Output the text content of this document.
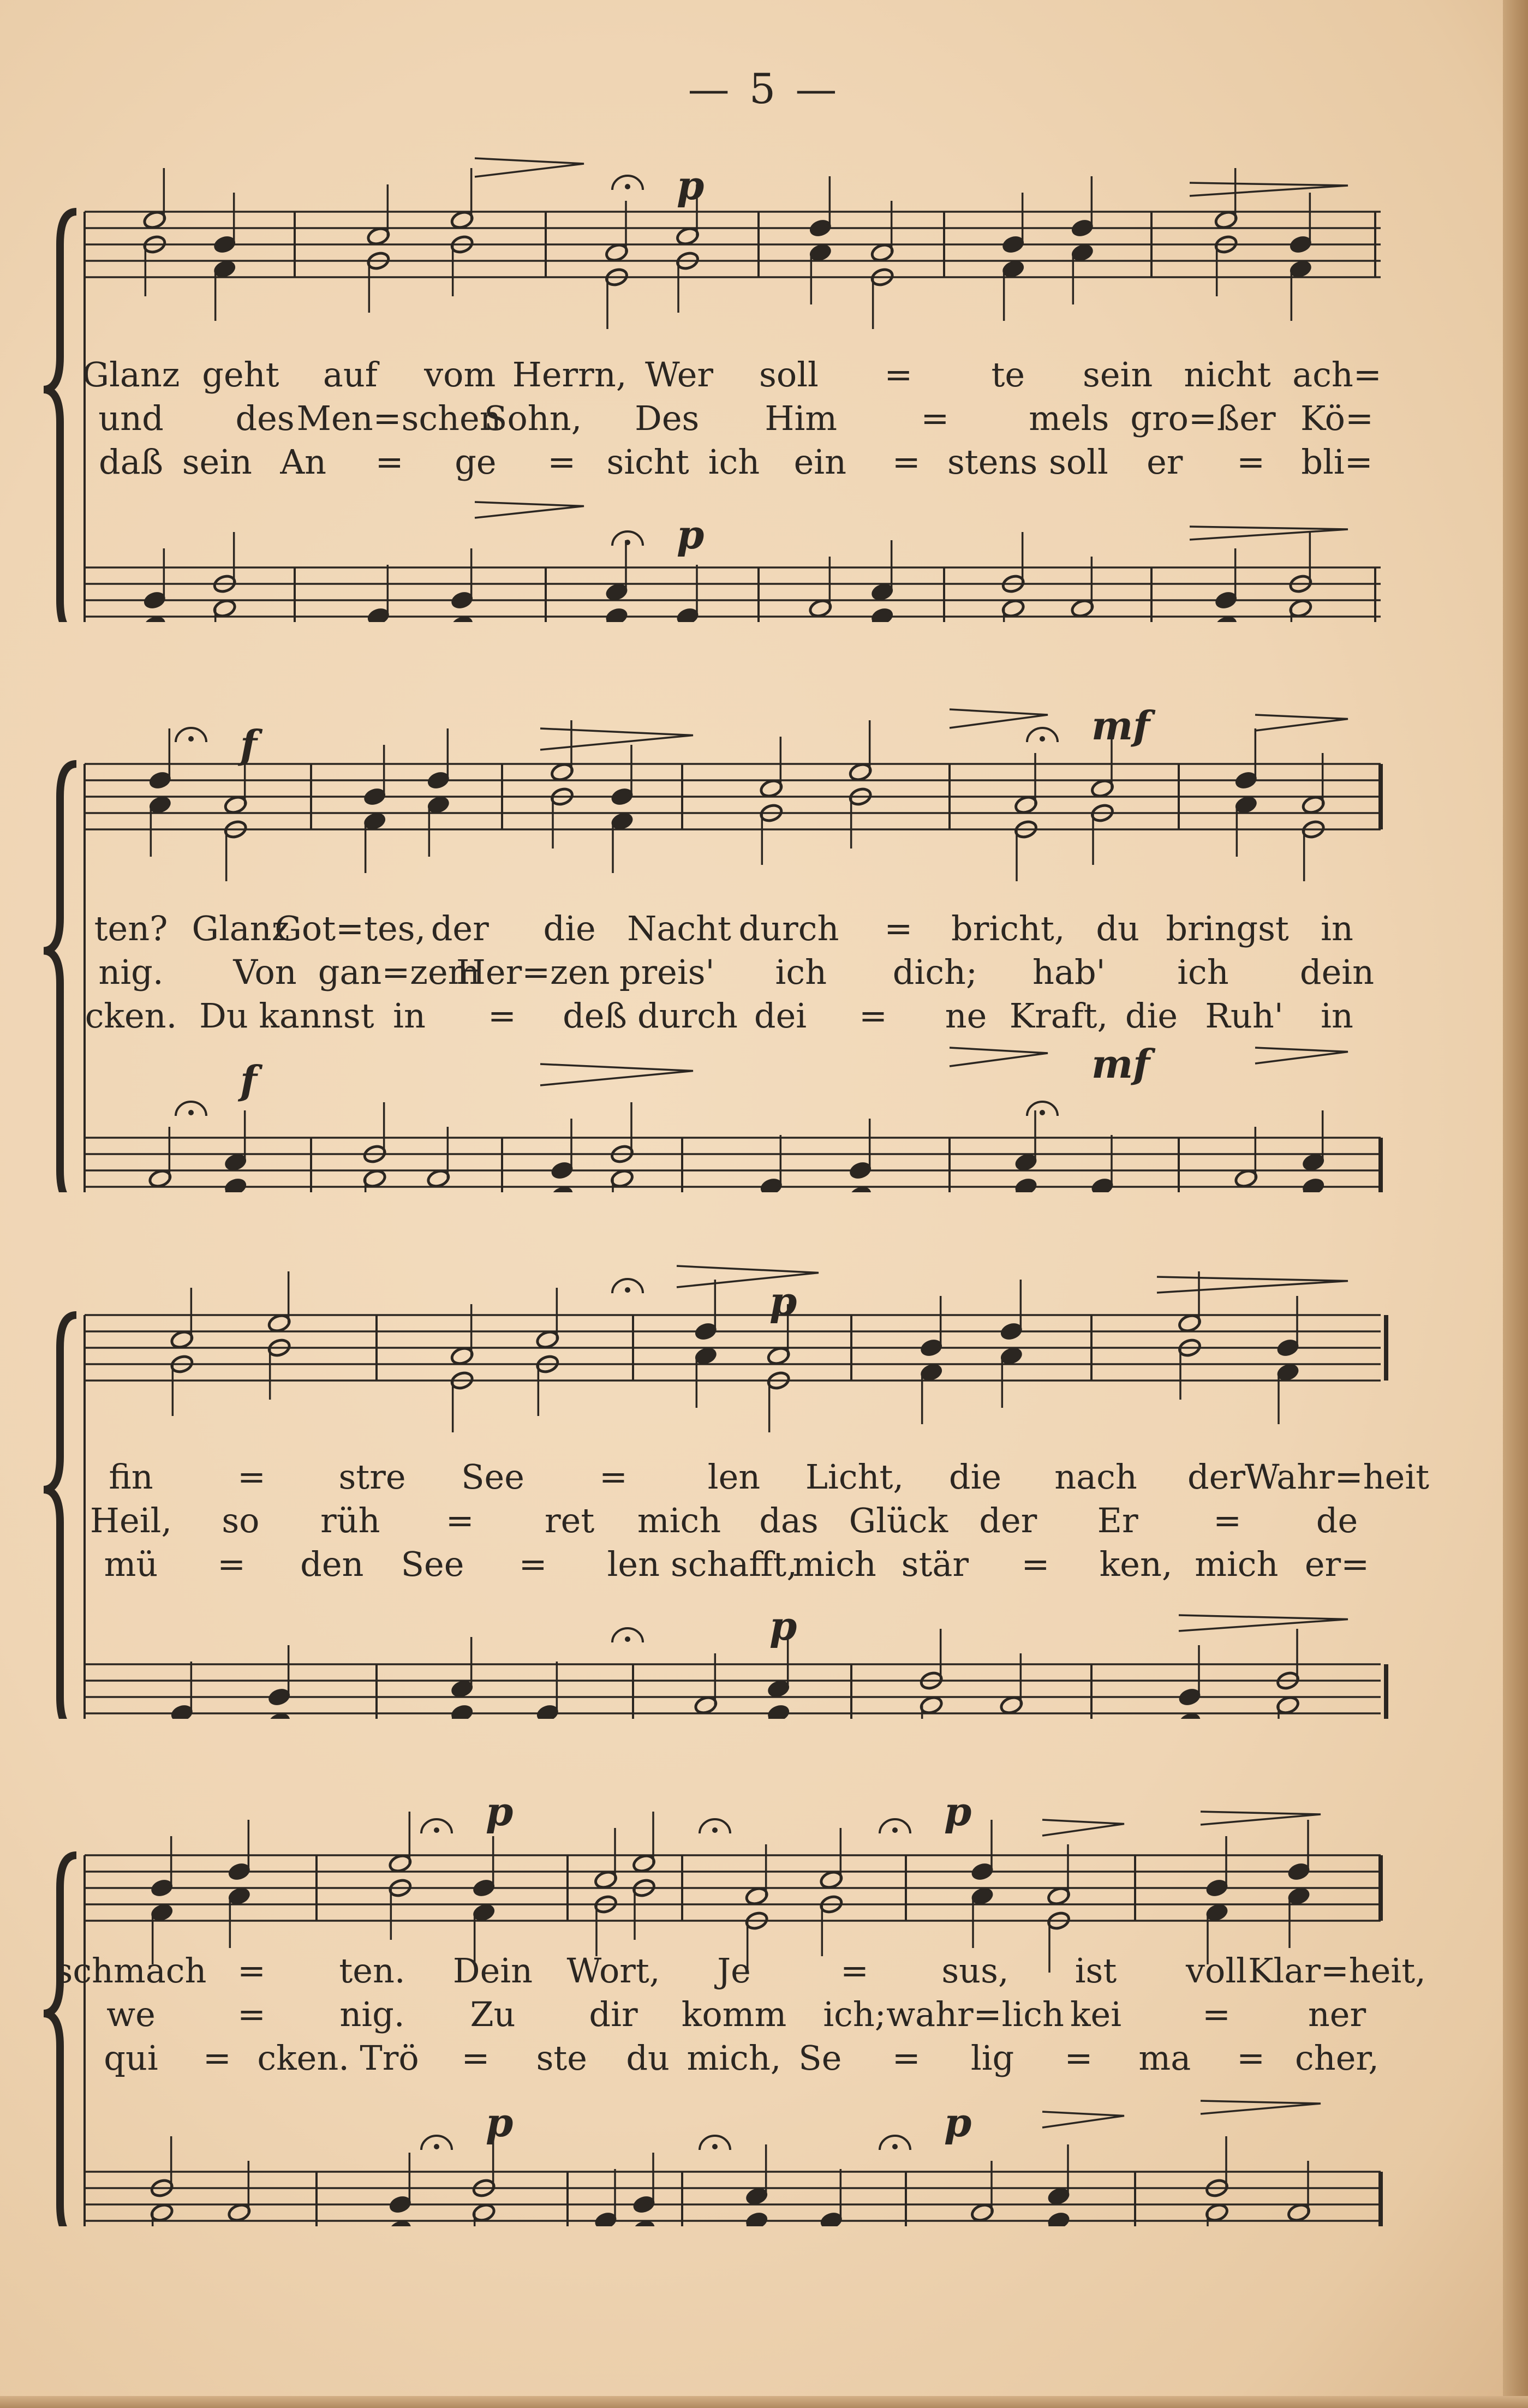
— 5 —
p
p
Glanz geht auf vom Herrn, Wer soll = te sein nicht ach=
und des Men=schen
Sohn, Des Him = mels gro=ßer Kö=
daß sein An = ge = sicht ich ein = stens soll er = bli=
f	mf
f	mf
ten? Glanz
Got=tes, der die Nacht durch = bricht, du bringst in
nig. Von gan=zem
Her=zen preis' ich dich; hab' ich dein
cken. Du kannst in = deß durch dei = ne Kraft, die Ruh' in
p
p
fin = stre See = len Licht, die nach der
Wahr=heit
Heil, so rüh = ret mich das Glück der Er = de
mü = den See = len schafft,
mich stär = ken, mich er=
p	p
p	p
schmach = ten. Dein Wort, Je	= sus, ist voll Klar=heit,
we = nig. Zu dir komm ich; wahr=lich kei = ner
qui = cken. Trö = ste du mich, Se = lig = ma = cher,
